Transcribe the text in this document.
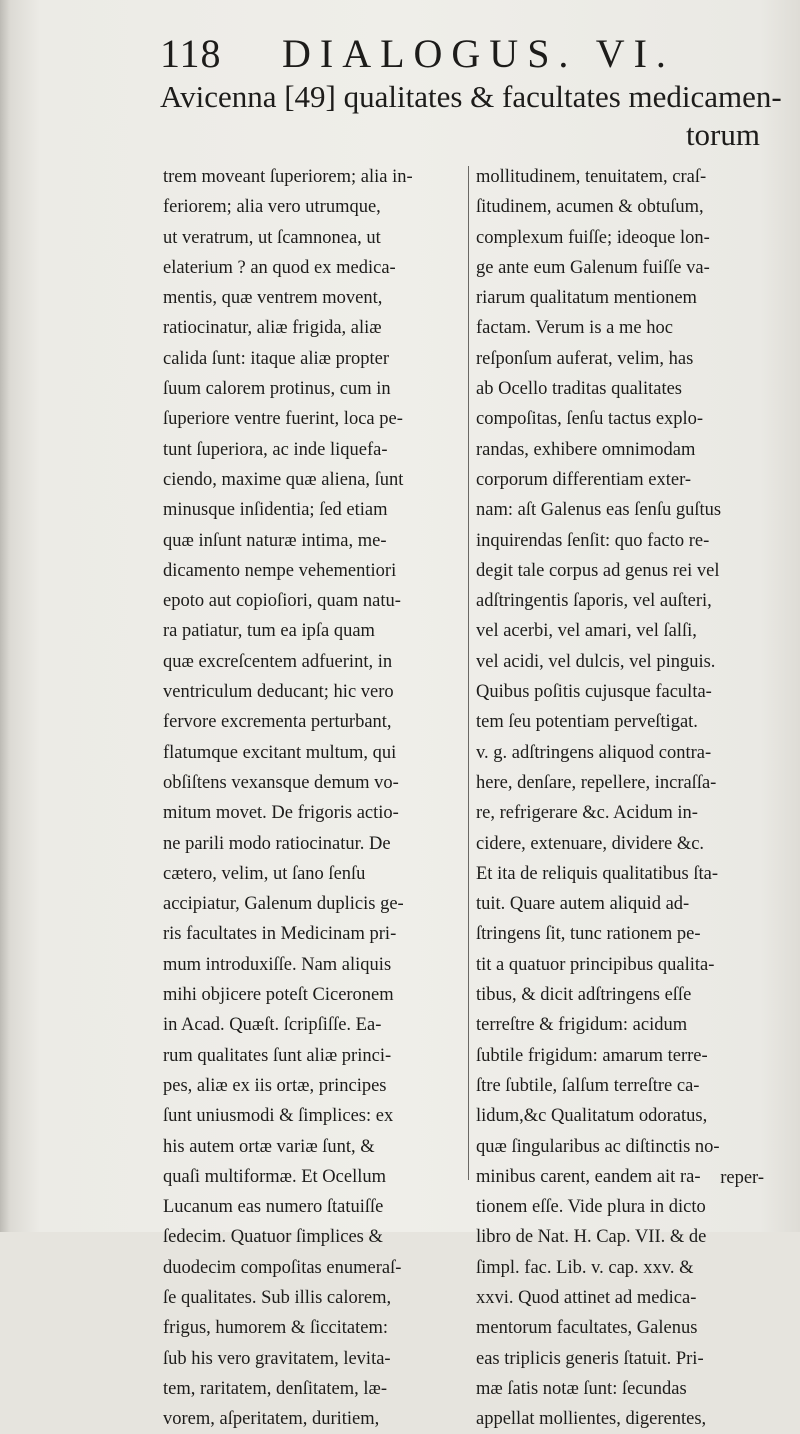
118 DIALOGUS. VI.
Avicenna [49] qualitates & facultates medicamen-
torum
trem moveant ſuperiorem; alia in-
feriorem; alia vero utrumque,
ut veratrum, ut ſcamnonea, ut
elaterium ? an quod ex medica-
mentis, quæ ventrem movent,
ratiocinatur, aliæ frigida, aliæ
calida ſunt: itaque aliæ propter
ſuum calorem protinus, cum in
ſuperiore ventre fuerint, loca pe-
tunt ſuperiora, ac inde liquefa-
ciendo, maxime quæ aliena, ſunt
minusque inſidentia; ſed etiam
quæ inſunt naturæ intima, me-
dicamento nempe vehementiori
epoto aut copioſiori, quam natu-
ra patiatur, tum ea ipſa quam
quæ excreſcentem adfuerint, in
ventriculum deducant; hic vero
fervore excrementa perturbant,
flatumque excitant multum, qui
obſiſtens vexansque demum vo-
mitum movet. De frigoris actio-
ne parili modo ratiocinatur. De
cætero, velim, ut ſano ſenſu
accipiatur, Galenum duplicis ge-
ris facultates in Medicinam pri-
mum introduxiſſe. Nam aliquis
mihi objicere poteſt Ciceronem
in Acad. Quæſt. ſcripſiſſe. Ea-
rum qualitates ſunt aliæ princi-
pes, aliæ ex iis ortæ, principes
ſunt uniusmodi & ſimplices: ex
his autem ortæ variæ ſunt, &
quaſi multiformæ. Et Ocellum
Lucanum eas numero ſtatuiſſe
ſedecim. Quatuor ſimplices &
duodecim compoſitas enumeraſ-
ſe qualitates. Sub illis calorem,
frigus, humorem & ſiccitatem:
ſub his vero gravitatem, levita-
tem, raritatem, denſitatem, læ-
vorem, aſperitatem, duritiem,
mollitudinem, tenuitatem, craſ-
ſitudinem, acumen & obtuſum,
complexum fuiſſe; ideoque lon-
ge ante eum Galenum fuiſſe va-
riarum qualitatum mentionem
factam. Verum is a me hoc
reſponſum auferat, velim, has
ab Ocello traditas qualitates
compoſitas, ſenſu tactus explo-
randas, exhibere omnimodam
corporum differentiam exter-
nam: aſt Galenus eas ſenſu guſtus
inquirendas ſenſit: quo facto re-
degit tale corpus ad genus rei vel
adſtringentis ſaporis, vel auſteri,
vel acerbi, vel amari, vel ſalſi,
vel acidi, vel dulcis, vel pinguis.
Quibus poſitis cujusque faculta-
tem ſeu potentiam perveſtigat.
v. g. adſtringens aliquod contra-
here, denſare, repellere, incraſſa-
re, refrigerare &c. Acidum in-
cidere, extenuare, dividere &c.
Et ita de reliquis qualitatibus ſta-
tuit. Quare autem aliquid ad-
ſtringens ſit, tunc rationem pe-
tit a quatuor principibus qualita-
tibus, & dicit adſtringens eſſe
terreſtre & frigidum: acidum
ſubtile frigidum: amarum terre-
ſtre ſubtile, ſalſum terreſtre ca-
lidum,&c Qualitatum odoratus,
quæ ſingularibus ac diſtinctis no-
minibus carent, eandem ait ra-
tionem eſſe. Vide plura in dicto
libro de Nat. H. Cap. VII. & de
ſimpl. fac. Lib. v. cap. xxv. &
xxvi. Quod attinet ad medica-
mentorum facultates, Galenus
eas triplicis generis ſtatuit. Pri-
mæ ſatis notæ ſunt: ſecundas
appellat mollientes, digerentes,
reper-
